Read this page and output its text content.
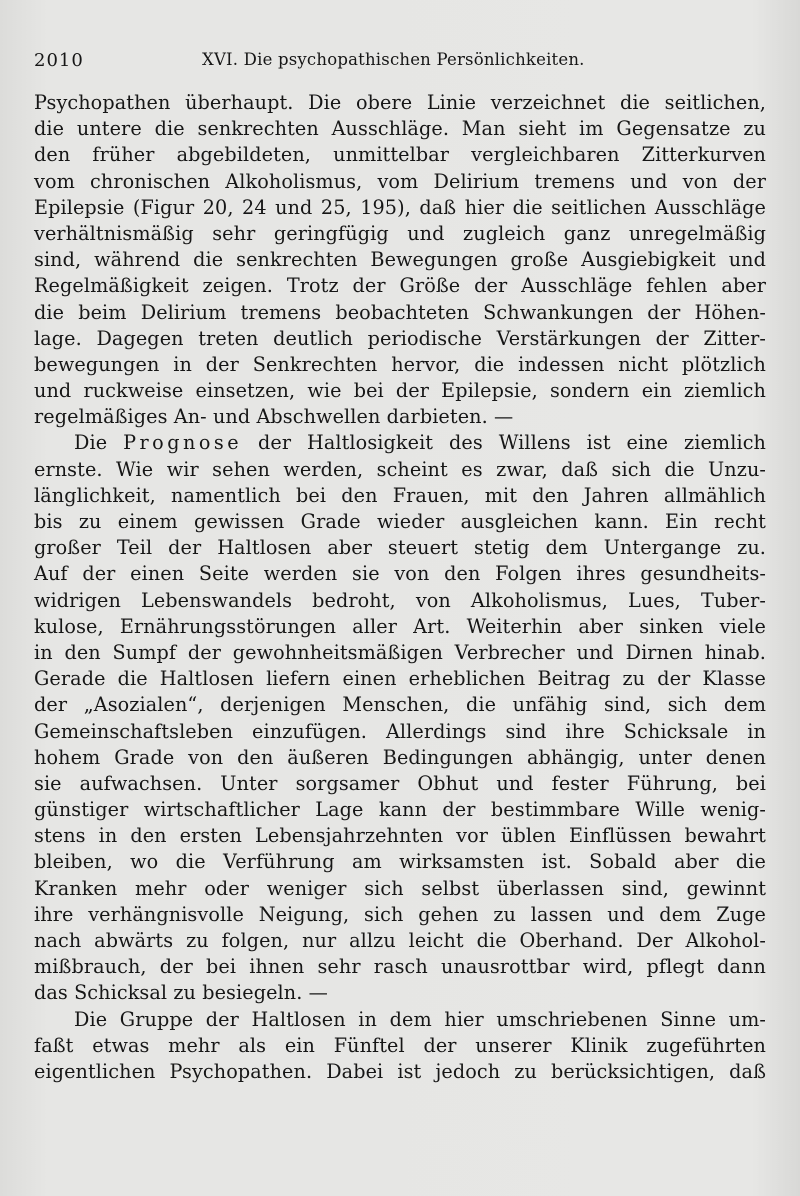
2010	XVI. Die psychopathischen Persönlichkeiten.
Psychopathen überhaupt. Die obere Linie verzeichnet die seitlichen,
die untere die senkrechten Ausschläge. Man sieht im Gegensatze zu
den früher abgebildeten, unmittelbar vergleichbaren Zitterkurven
vom chronischen Alkoholismus, vom Delirium tremens und von der
Epilepsie (Figur 20, 24 und 25, 195), daß hier die seitlichen Ausschläge
verhältnismäßig sehr geringfügig und zugleich ganz unregelmäßig
sind, während die senkrechten Bewegungen große Ausgiebigkeit und
Regelmäßigkeit zeigen. Trotz der Größe der Ausschläge fehlen aber
die beim Delirium tremens beobachteten Schwankungen der Höhen-
lage. Dagegen treten deutlich periodische Verstärkungen der Zitter-
bewegungen in der Senkrechten hervor, die indessen nicht plötzlich
und ruckweise einsetzen, wie bei der Epilepsie, sondern ein ziemlich
regelmäßiges An- und Abschwellen darbieten. —
Die Prognose der Haltlosigkeit des Willens ist eine ziemlich
ernste. Wie wir sehen werden, scheint es zwar, daß sich die Unzu-
länglichkeit, namentlich bei den Frauen, mit den Jahren allmählich
bis zu einem gewissen Grade wieder ausgleichen kann. Ein recht
großer Teil der Haltlosen aber steuert stetig dem Untergange zu.
Auf der einen Seite werden sie von den Folgen ihres gesundheits-
widrigen Lebenswandels bedroht, von Alkoholismus, Lues, Tuber-
kulose, Ernährungsstörungen aller Art. Weiterhin aber sinken viele
in den Sumpf der gewohnheitsmäßigen Verbrecher und Dirnen hinab.
Gerade die Haltlosen liefern einen erheblichen Beitrag zu der Klasse
der „Asozialen“, derjenigen Menschen, die unfähig sind, sich dem
Gemeinschaftsleben einzufügen. Allerdings sind ihre Schicksale in
hohem Grade von den äußeren Bedingungen abhängig, unter denen
sie aufwachsen. Unter sorgsamer Obhut und fester Führung, bei
günstiger wirtschaftlicher Lage kann der bestimmbare Wille wenig-
stens in den ersten Lebensjahrzehnten vor üblen Einflüssen bewahrt
bleiben, wo die Verführung am wirksamsten ist. Sobald aber die
Kranken mehr oder weniger sich selbst überlassen sind, gewinnt
ihre verhängnisvolle Neigung, sich gehen zu lassen und dem Zuge
nach abwärts zu folgen, nur allzu leicht die Oberhand. Der Alkohol-
mißbrauch, der bei ihnen sehr rasch unausrottbar wird, pflegt dann
das Schicksal zu besiegeln. —
Die Gruppe der Haltlosen in dem hier umschriebenen Sinne um-
faßt etwas mehr als ein Fünftel der unserer Klinik zugeführten
eigentlichen Psychopathen. Dabei ist jedoch zu berücksichtigen, daß
